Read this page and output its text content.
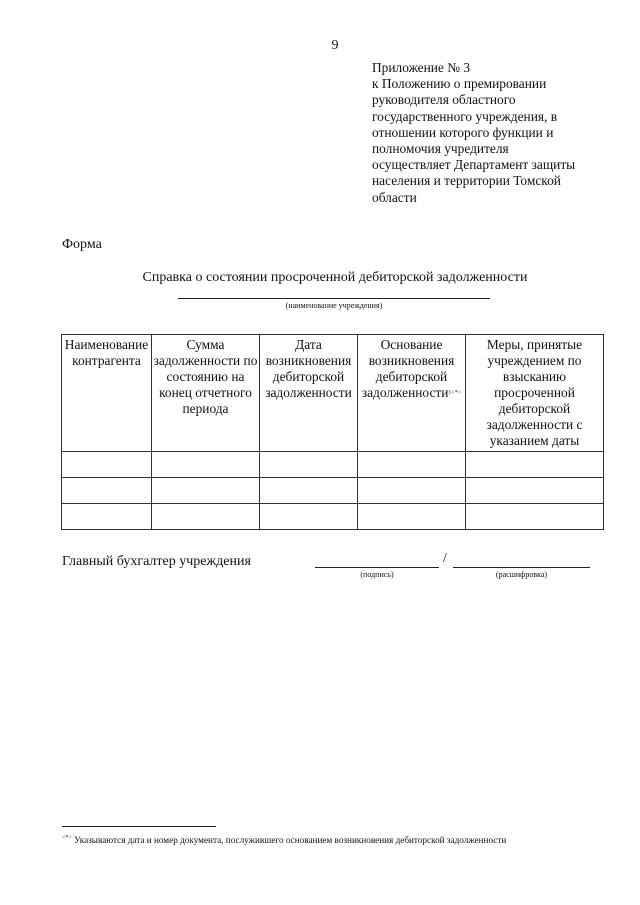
9
Приложение № 3
к Положению о премировании
руководителя областного
государственного учреждения, в
отношении которого функции и
полномочия учредителя
осуществляет Департамент защиты
населения и территории Томской
области
Форма
Справка о состоянии просроченной дебиторской задолженности
(наименование учреждения)
Наименование контрагента	Сумма задолженности по состоянию на конец отчетного периода	Дата возникновения дебиторской задолженности	Основание возникновения дебиторской задолженности$^{1<*>}$	Меры, принятые учреждением по взысканию просроченной дебиторской задолженности с указанием даты

Главный бухгалтер учреждения	/
(подпись)	(расшифровка)
<*> Указываются дата и номер документа, послужившего основанием возникновения дебиторской задолженности
